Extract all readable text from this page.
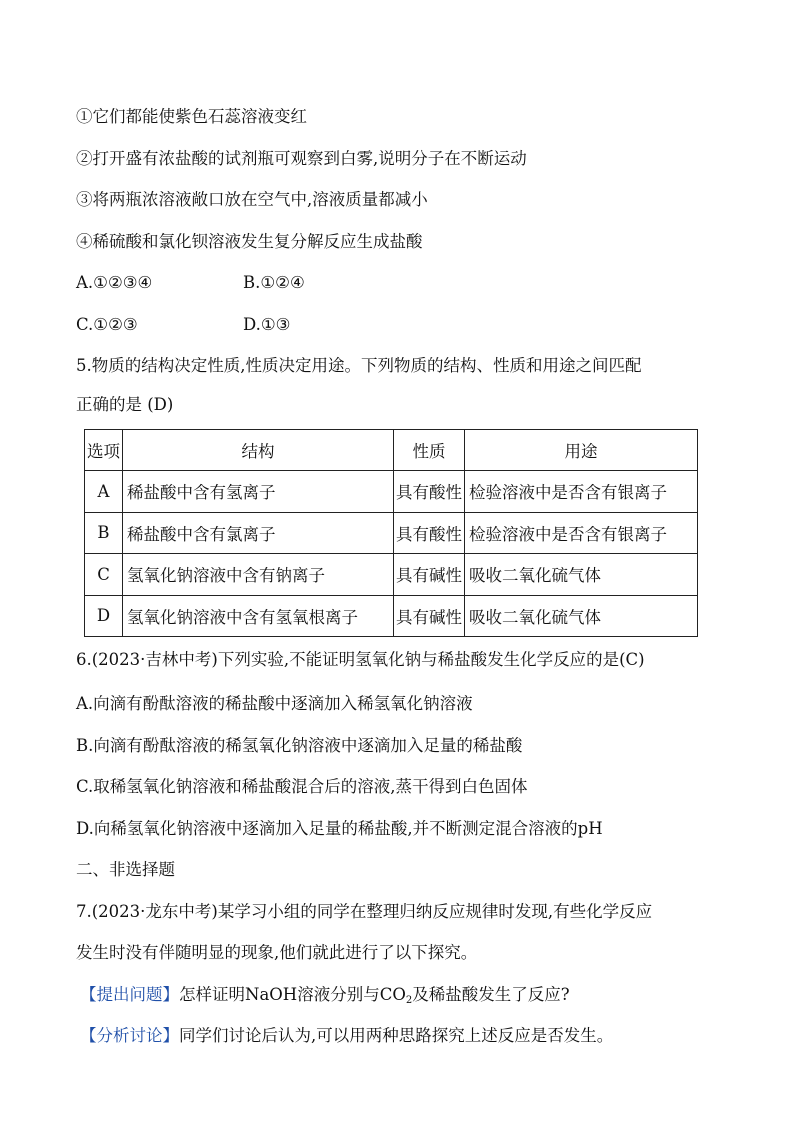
①它们都能使紫色石蕊溶液变红
②打开盛有浓盐酸的试剂瓶可观察到白雾,说明分子在不断运动
③将两瓶浓溶液敞口放在空气中,溶液质量都减小
④稀硫酸和氯化钡溶液发生复分解反应生成盐酸
A.①②③④	B.①②④
C.①②③	D.①③
5.物质的结构决定性质,性质决定用途。下列物质的结构、性质和用途之间匹配
正确的是 (D)
选项	结构	性质	用途
A	稀盐酸中含有氢离子	具有酸性	检验溶液中是否含有银离子
B	稀盐酸中含有氯离子	具有酸性	检验溶液中是否含有银离子
C	氢氧化钠溶液中含有钠离子	具有碱性	吸收二氧化硫气体
D	氢氧化钠溶液中含有氢氧根离子	具有碱性	吸收二氧化硫气体
6.(2023·吉林中考)下列实验,不能证明氢氧化钠与稀盐酸发生化学反应的是(C)
A.向滴有酚酞溶液的稀盐酸中逐滴加入稀氢氧化钠溶液
B.向滴有酚酞溶液的稀氢氧化钠溶液中逐滴加入足量的稀盐酸
C.取稀氢氧化钠溶液和稀盐酸混合后的溶液,蒸干得到白色固体
D.向稀氢氧化钠溶液中逐滴加入足量的稀盐酸,并不断测定混合溶液的pH
二、非选择题
7.(2023·龙东中考)某学习小组的同学在整理归纳反应规律时发现,有些化学反应
发生时没有伴随明显的现象,他们就此进行了以下探究。
【提出问题】怎样证明NaOH溶液分别与$CO_2$及稀盐酸发生了反应?
【分析讨论】同学们讨论后认为,可以用两种思路探究上述反应是否发生。
